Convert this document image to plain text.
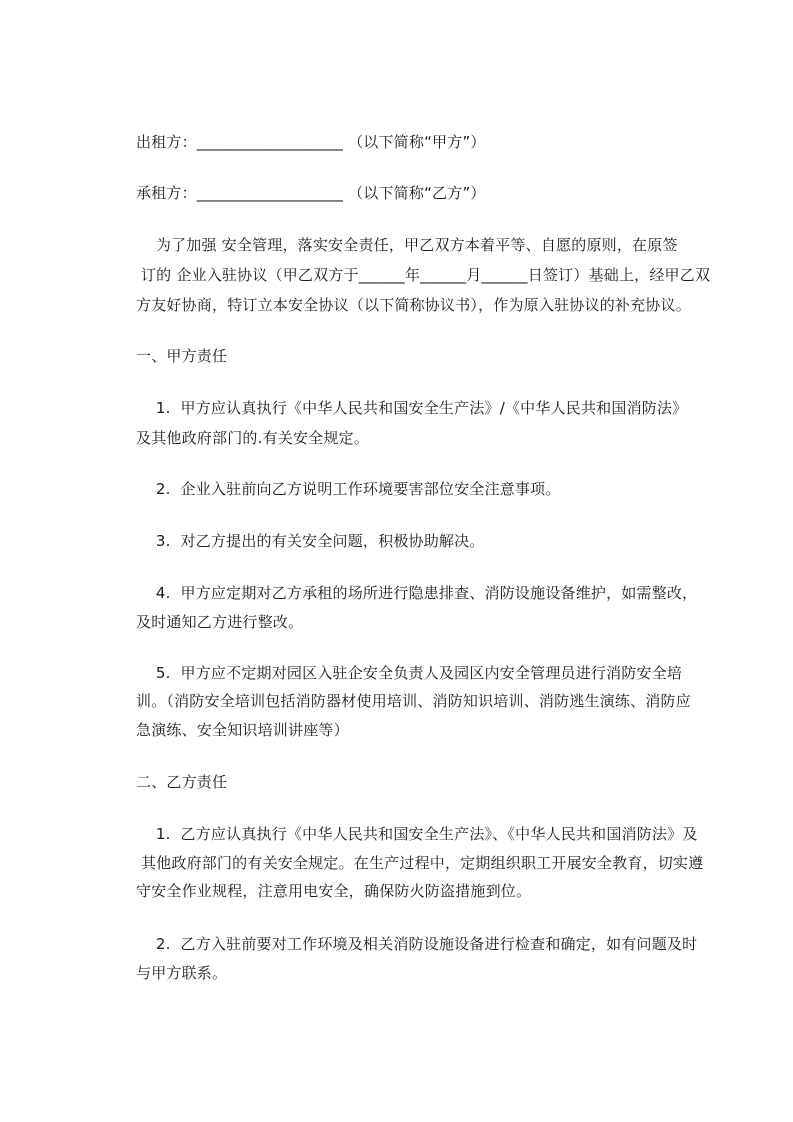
出租方：___________________ （以下简称“甲方”）
承租方：___________________ （以下简称“乙方”）
为了加强 安全管理，落实安全责任，甲乙双方本着平等、自愿的原则，在原签
订的 企业入驻协议（甲乙双方于______年______月______日签订）基础上，经甲乙双
方友好协商，特订立本安全协议（以下简称协议书），作为原入驻协议的补充协议。
一、甲方责任
1.  甲方应认真执行《中华人民共和国安全生产法》/《中华人民共和国消防法》
及其他政府部门的.有关安全规定。
2.  企业入驻前向乙方说明工作环境要害部位安全注意事项。
3.  对乙方提出的有关安全问题，积极协助解决。
4.  甲方应定期对乙方承租的场所进行隐患排查、消防设施设备维护，如需整改，
及时通知乙方进行整改。
5.  甲方应不定期对园区入驻企安全负责人及园区内安全管理员进行消防安全培
训。（消防安全培训包括消防器材使用培训、消防知识培训、消防逃生演练、消防应
急演练、安全知识培训讲座等）
二、乙方责任
1.  乙方应认真执行《中华人民共和国安全生产法》、《中华人民共和国消防法》及
其他政府部门的有关安全规定。在生产过程中，定期组织职工开展安全教育，切实遵
守安全作业规程，注意用电安全，确保防火防盗措施到位。
2.  乙方入驻前要对工作环境及相关消防设施设备进行检查和确定，如有问题及时
与甲方联系。
